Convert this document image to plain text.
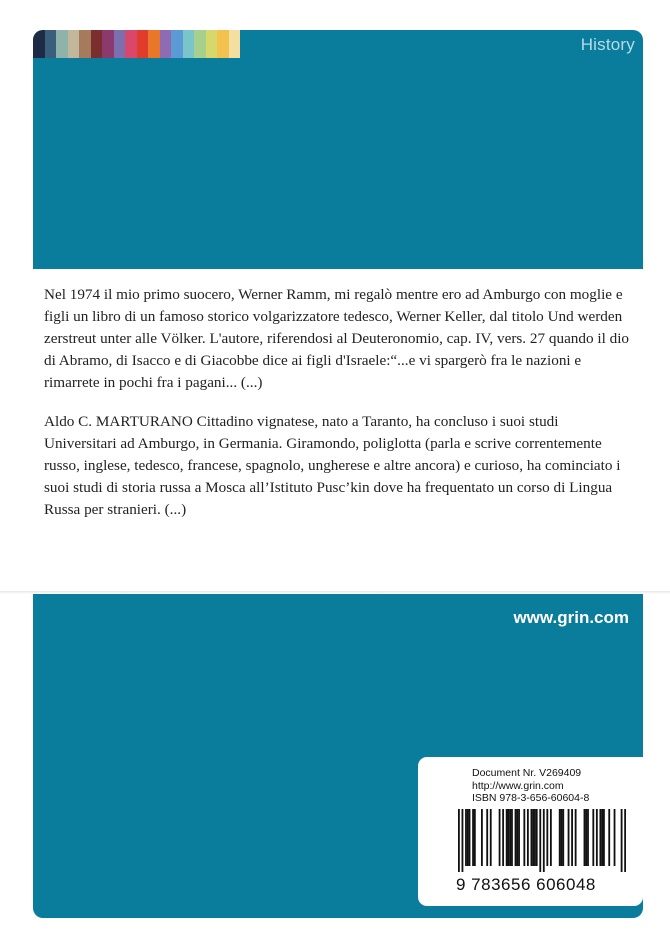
History

Nel 1974 il mio primo suocero, Werner Ramm, mi regalò mentre ero ad Amburgo con moglie e figli un libro di un famoso storico volgarizzatore tedesco, Werner Keller, dal titolo Und werden zerstreut unter alle Völker. L'autore, riferendosi al Deuteronomio, cap. IV, vers. 27 quando il dio di Abramo, di Isacco e di Giacobbe dice ai figli d'Israele:“...e vi spargerò fra le nazioni e rimarrete in pochi fra i pagani... (...)

Aldo C. MARTURANO Cittadino vignatese, nato a Taranto, ha concluso i suoi studi Universitari ad Amburgo, in Germania. Giramondo, poliglotta (parla e scrive correntemente russo, inglese, tedesco, francese, spagnolo, ungherese e altre ancora) e curioso, ha cominciato i suoi studi di storia russa a Mosca all’Istituto Pusc’kin dove ha frequentato un corso di Lingua Russa per stranieri. (...)

www.grin.com
Document Nr. V269409
http://www.grin.com
ISBN 978-3-656-60604-8
9 783656 606048
